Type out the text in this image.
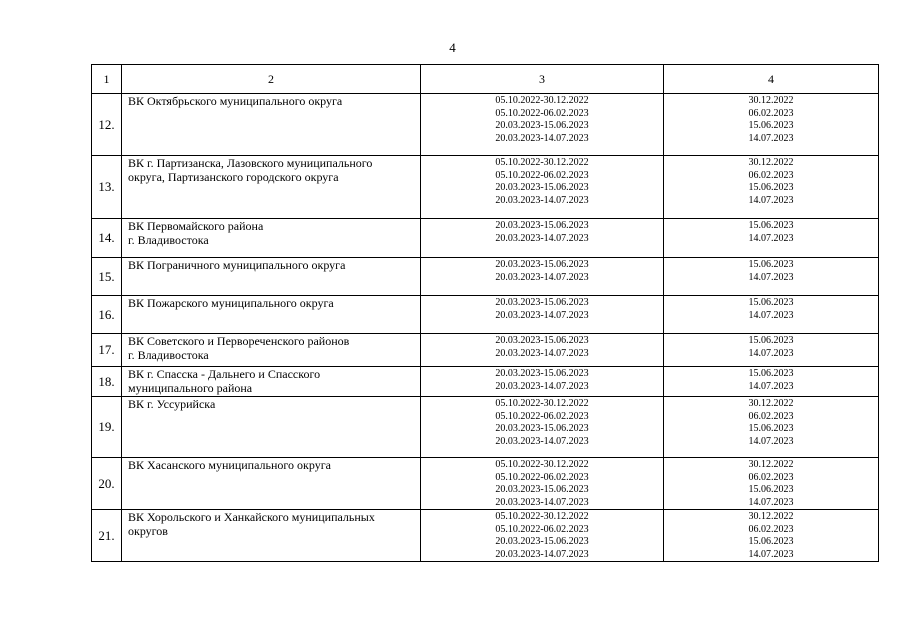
4
1	2	3	4
12.	ВК Октябрьского муниципального округа	05.10.2022-30.12.2022
05.10.2022-06.02.2023
20.03.2023-15.06.2023
20.03.2023-14.07.2023	30.12.2022
06.02.2023
15.06.2023
14.07.2023

13.	ВК г. Партизанска, Лазовского муниципального
округа, Партизанского городского округа	05.10.2022-30.12.2022
05.10.2022-06.02.2023
20.03.2023-15.06.2023
20.03.2023-14.07.2023	30.12.2022
06.02.2023
15.06.2023
14.07.2023

14.	ВК Первомайского района
г. Владивостока	20.03.2023-15.06.2023
20.03.2023-14.07.2023	15.06.2023
14.07.2023

15.	ВК Пограничного муниципального округа	20.03.2023-15.06.2023
20.03.2023-14.07.2023	15.06.2023
14.07.2023

16.	ВК Пожарского муниципального округа	20.03.2023-15.06.2023
20.03.2023-14.07.2023	15.06.2023
14.07.2023

17.	ВК Советского и Первореченского районов
г. Владивостока	20.03.2023-15.06.2023
20.03.2023-14.07.2023	15.06.2023
14.07.2023

18.	ВК г. Спасска - Дальнего и Спасского
муниципального района	20.03.2023-15.06.2023
20.03.2023-14.07.2023	15.06.2023
14.07.2023

19.	ВК г. Уссурийска	05.10.2022-30.12.2022
05.10.2022-06.02.2023
20.03.2023-15.06.2023
20.03.2023-14.07.2023	30.12.2022
06.02.2023
15.06.2023
14.07.2023

20.	ВК Хасанского муниципального округа	05.10.2022-30.12.2022
05.10.2022-06.02.2023
20.03.2023-15.06.2023
20.03.2023-14.07.2023	30.12.2022
06.02.2023
15.06.2023
14.07.2023

21.	ВК Хорольского и Ханкайского муниципальных
округов	05.10.2022-30.12.2022
05.10.2022-06.02.2023
20.03.2023-15.06.2023
20.03.2023-14.07.2023	30.12.2022
06.02.2023
15.06.2023
14.07.2023
